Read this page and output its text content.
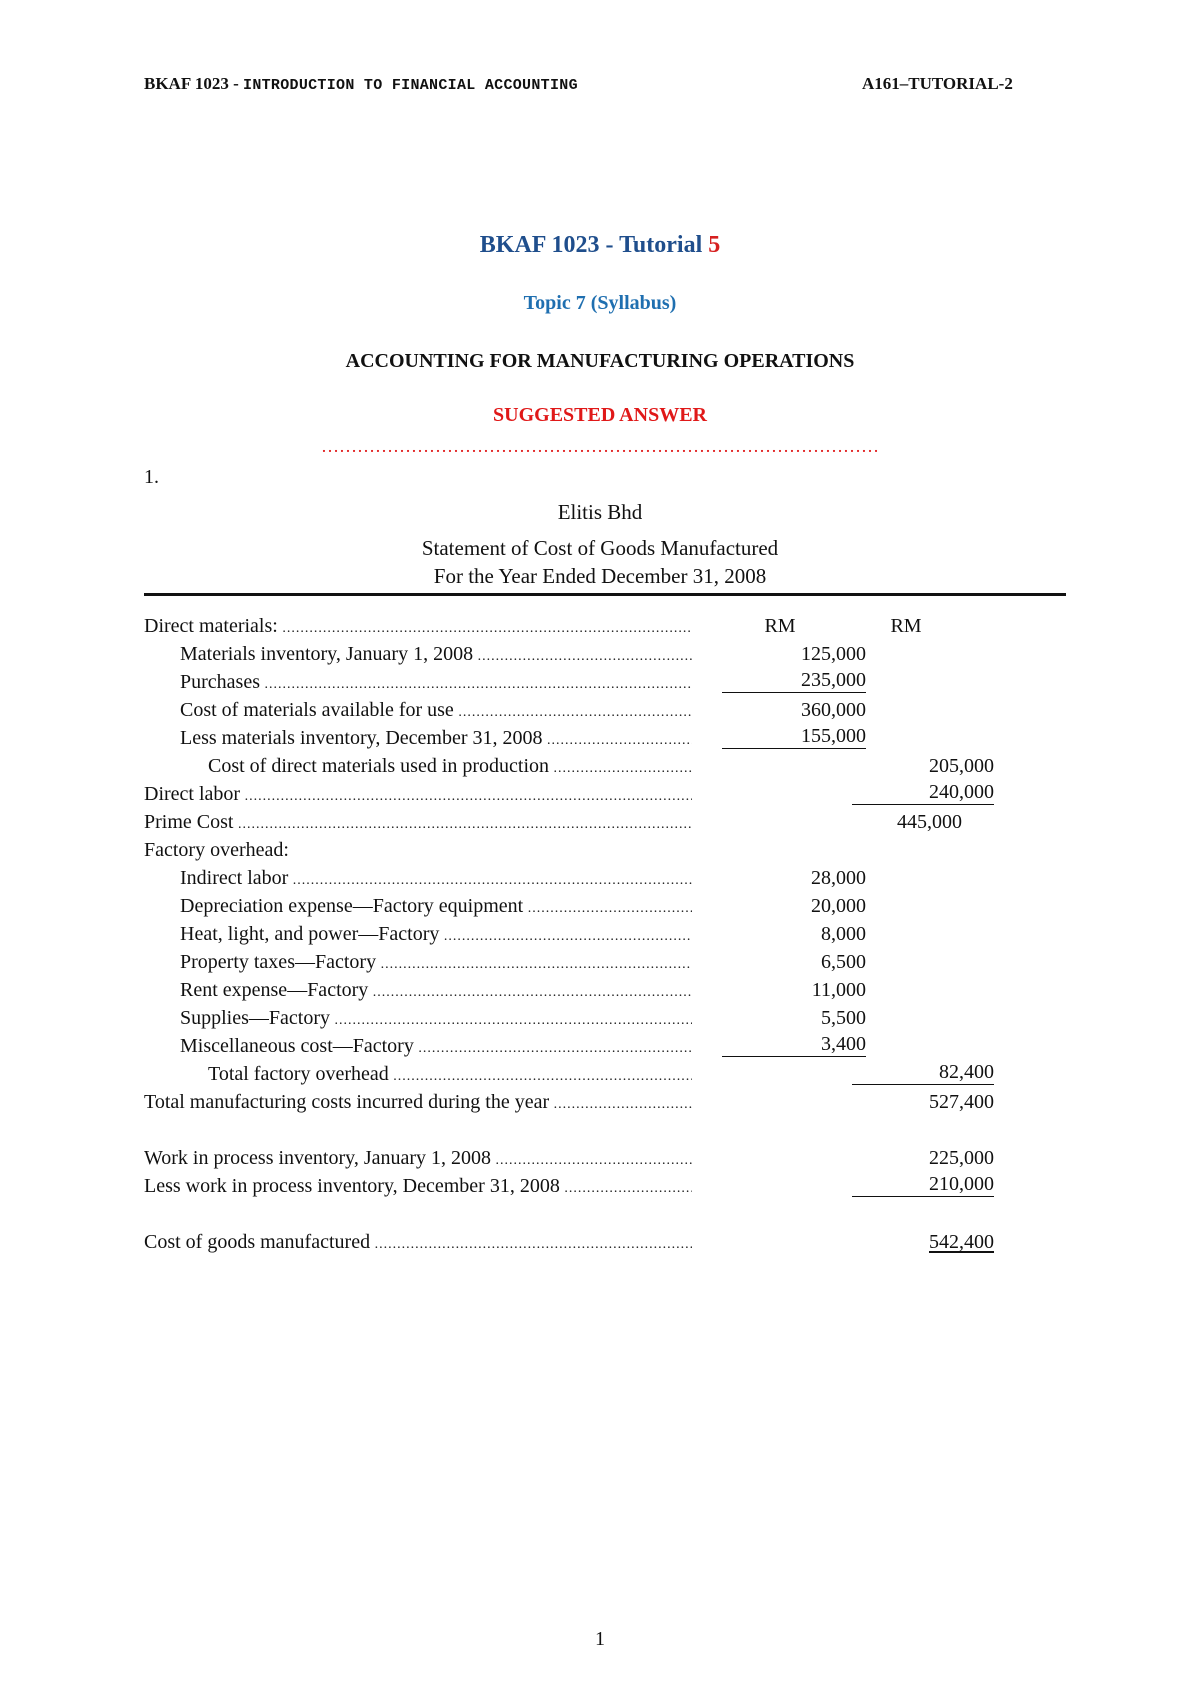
BKAF 1023 - INTRODUCTION TO FINANCIAL ACCOUNTING	A161–TUTORIAL-2
BKAF 1023 - Tutorial 5
Topic 7 (Syllabus)
ACCOUNTING FOR MANUFACTURING OPERATIONS
SUGGESTED ANSWER
…………………………………………………………………………………
1.
Elitis Bhd
Statement of Cost of Goods Manufactured
For the Year Ended December 31, 2008
Direct materials: .....	RM	RM
Materials inventory, January 1, 2008 .....	125,000
Purchases .....	235,000
Cost of materials available for use .....	360,000
Less materials inventory, December 31, 2008 .....	155,000
Cost of direct materials used in production .....	205,000
Direct labor .....	240,000
Prime Cost .....	445,000
Factory overhead:
Indirect labor .....	28,000
Depreciation expense—Factory equipment .....	20,000
Heat, light, and power—Factory .....	8,000
Property taxes—Factory .....	6,500
Rent expense—Factory .....	11,000
Supplies—Factory .....	5,500
Miscellaneous cost—Factory .....	3,400
Total factory overhead .....	82,400
Total manufacturing costs incurred during the year .....	527,400
Work in process inventory, January 1, 2008 .....	225,000
Less work in process inventory, December 31, 2008 .....	210,000
Cost of goods manufactured .....	542,400
1
